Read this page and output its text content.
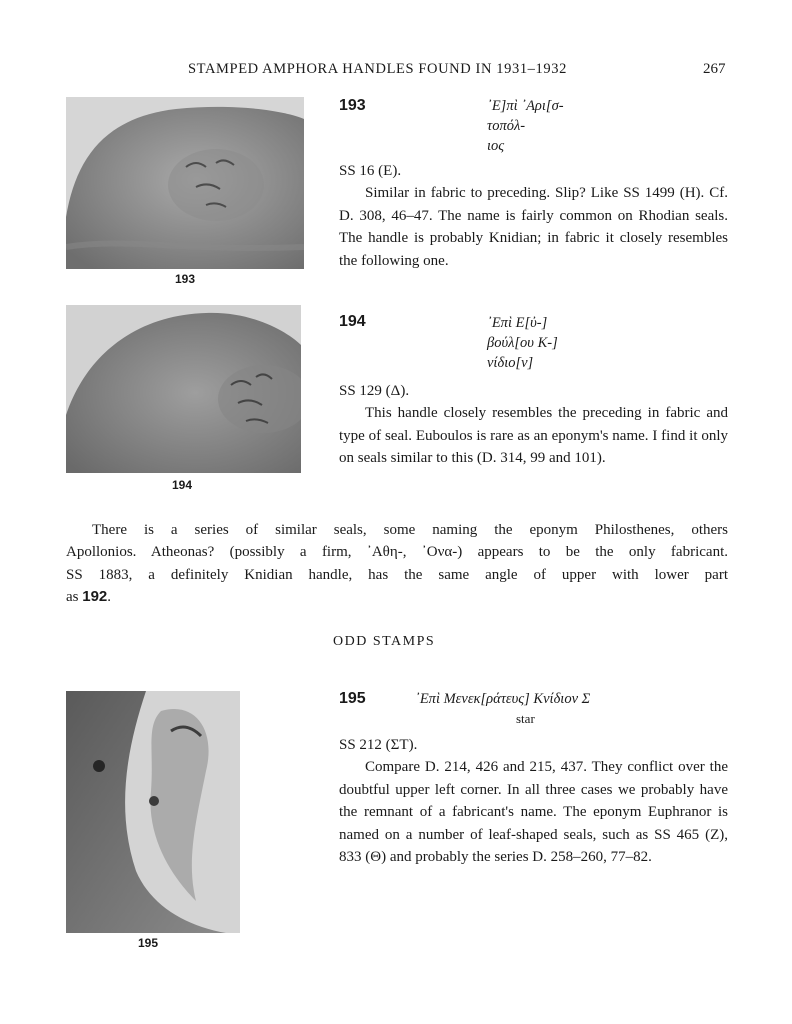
STAMPED AMPHORA HANDLES FOUND IN 1931–1932	267
193
193	᾿Ε]πὶ ᾿Αρι[σ-
τοπόλ-
ιος

SS 16 (Ε).

Similar in fabric to preceding. Slip? Like SS 1499 (Η). Cf. D. 308, 46–47. The name is fairly common on Rhodian seals. The handle is probably Knidian; in fabric it closely resembles the following one.

194
194	᾿Επὶ Ε[ὐ-]
βούλ[ου Κ-]
νίδιο[ν]

SS 129 (Δ).

This handle closely resembles the preceding in fabric and type of seal. Euboulos is rare as an eponym's name. I find it only on seals similar to this (D. 314, 99 and 101).

There is a series of similar seals, some naming the eponym Philosthenes, others

Apollonios. Atheonas? (possibly a firm, ᾿Αθη-, ᾿Ονα-) appears to be the only fabricant.

SS 1883, a definitely Knidian handle, has the same angle of upper with lower part

as 192.

ODD STAMPS
195
195	᾿Επὶ Μενεκ[ράτευς] Κνίδιον Σ
star

SS 212 (ΣΤ).

Compare D. 214, 426 and 215, 437. They conflict over the doubtful upper left corner. In all three cases we probably have the remnant of a fabricant's name. The eponym Euphranor is named on a number of leaf-shaped seals, such as SS 465 (Ζ), 833 (Θ) and probably the series D. 258–260, 77–82.
